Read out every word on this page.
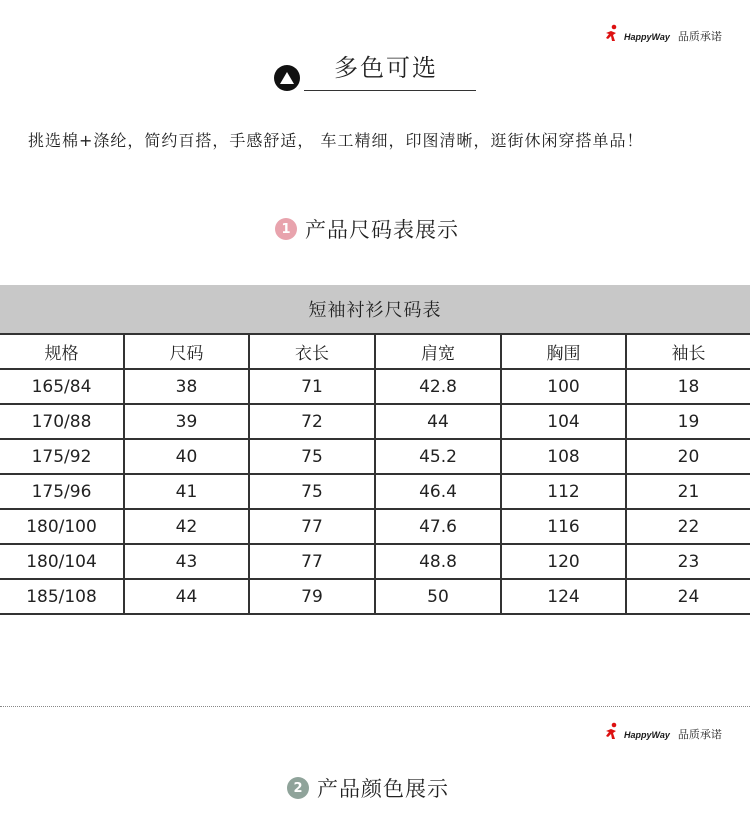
HappyWay 品质承诺
多色可选
挑选棉+涤纶，简约百搭，手感舒适， 车工精细，印图清晰，逛街休闲穿搭单品！
1 产品尺码表展示
短袖衬衫尺码表
规格	尺码	衣长	肩宽	胸围	袖长
165/84	38	71	42.8	100	18
170/88	39	72	44	104	19
175/92	40	75	45.2	108	20
175/96	41	75	46.4	112	21
180/100	42	77	47.6	116	22
180/104	43	77	48.8	120	23
185/108	44	79	50	124	24
HappyWay 品质承诺
2 产品颜色展示
